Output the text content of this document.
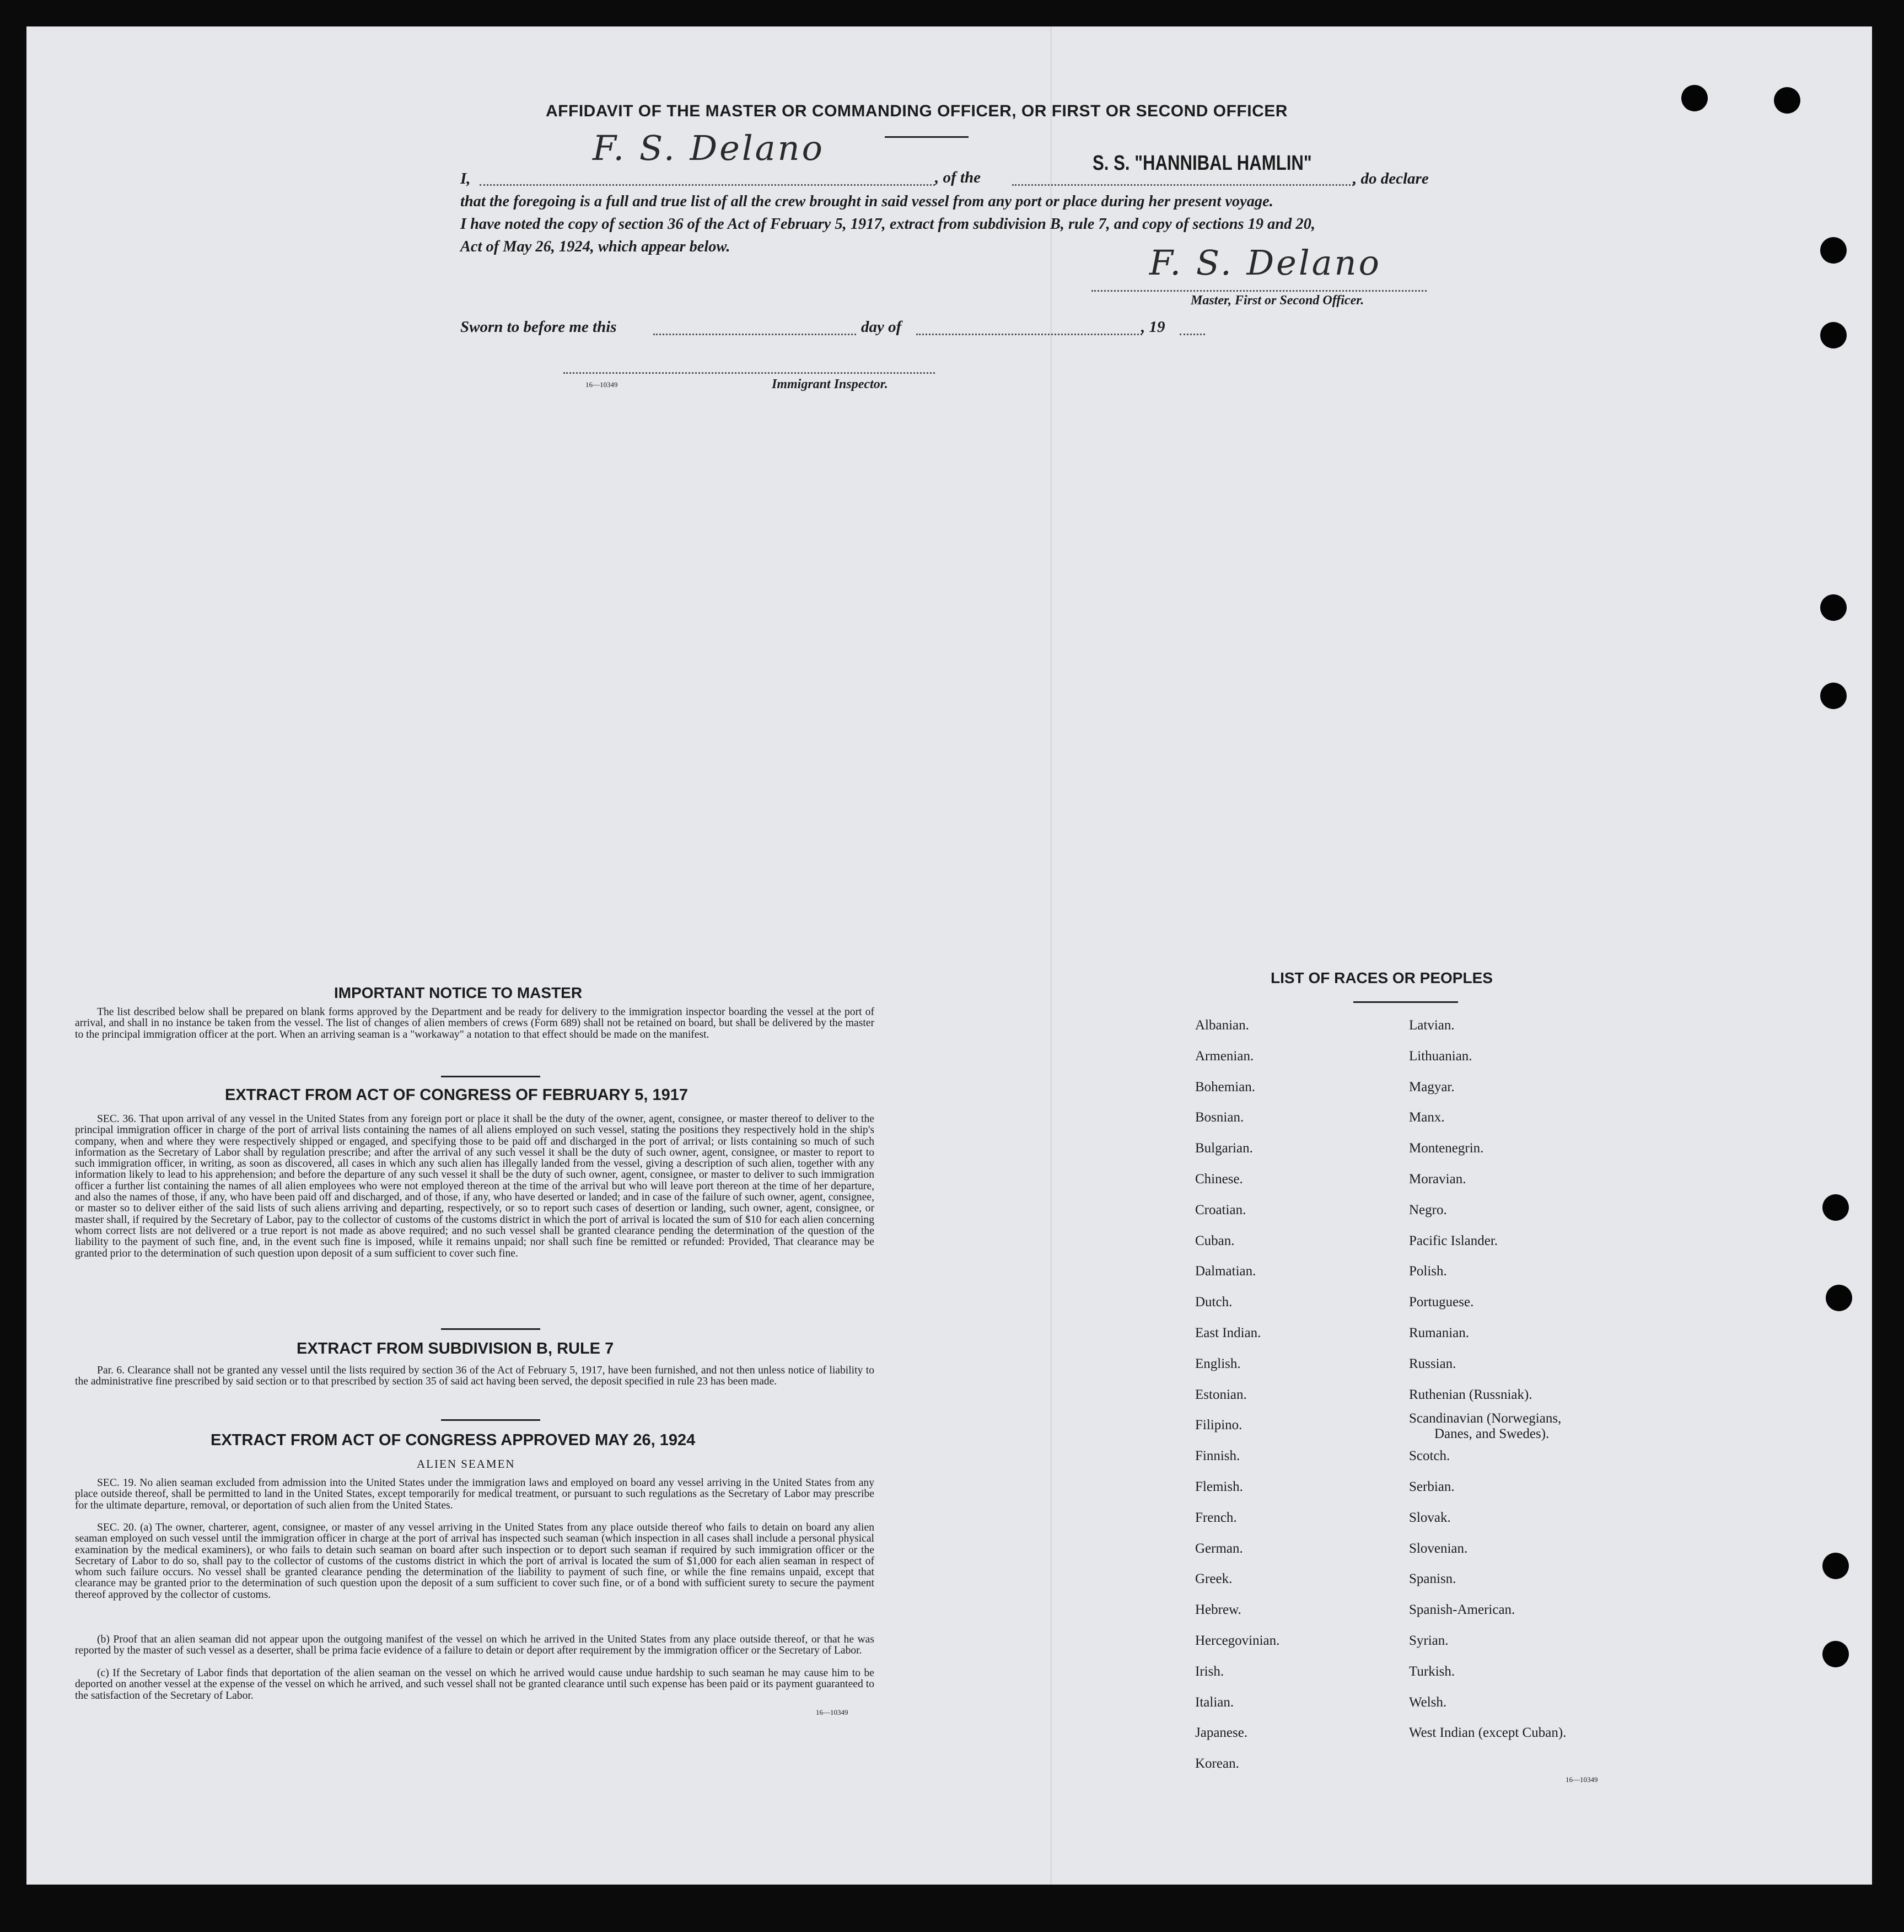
AFFIDAVIT OF THE MASTER OR COMMANDING OFFICER, OR FIRST OR SECOND OFFICER
I,
F. S. Delano
, of the
S. S. "HANNIBAL HAMLIN"
, do declare
that the foregoing is a full and true list of all the crew brought in said vessel from any port or place during her present voyage.
I have noted the copy of section 36 of the Act of February 5, 1917, extract from subdivision B, rule 7, and copy of sections 19 and 20,
Act of May 26, 1924, which appear below.	F. S. Delano
Master, First or Second Officer.
Sworn to before me this	day of	, 19
16—10349	Immigrant Inspector.
IMPORTANT NOTICE TO MASTER
The list described below shall be prepared on blank forms approved by the Department and be ready for delivery to the immigration inspector boarding the vessel at the port of arrival, and shall in no instance be taken from the vessel. The list of changes of alien members of crews (Form 689) shall not be retained on board, but shall be delivered by the master to the principal immigration officer at the port. When an arriving seaman is a "workaway" a notation to that effect should be made on the manifest.
EXTRACT FROM ACT OF CONGRESS OF FEBRUARY 5, 1917
SEC. 36. That upon arrival of any vessel in the United States from any foreign port or place it shall be the duty of the owner, agent, consignee, or master thereof to deliver to the principal immigration officer in charge of the port of arrival lists containing the names of all aliens employed on such vessel, stating the positions they respectively hold in the ship's company, when and where they were respectively shipped or engaged, and specifying those to be paid off and discharged in the port of arrival; or lists containing so much of such information as the Secretary of Labor shall by regulation prescribe; and after the arrival of any such vessel it shall be the duty of such owner, agent, consignee, or master to report to such immigration officer, in writing, as soon as discovered, all cases in which any such alien has illegally landed from the vessel, giving a description of such alien, together with any information likely to lead to his apprehension; and before the departure of any such vessel it shall be the duty of such owner, agent, consignee, or master to deliver to such immigration officer a further list containing the names of all alien employees who were not employed thereon at the time of the arrival but who will leave port thereon at the time of her departure, and also the names of those, if any, who have been paid off and discharged, and of those, if any, who have deserted or landed; and in case of the failure of such owner, agent, consignee, or master so to deliver either of the said lists of such aliens arriving and departing, respectively, or so to report such cases of desertion or landing, such owner, agent, consignee, or master shall, if required by the Secretary of Labor, pay to the collector of customs of the customs district in which the port of arrival is located the sum of $10 for each alien concerning whom correct lists are not delivered or a true report is not made as above required; and no such vessel shall be granted clearance pending the determination of the question of the liability to the payment of such fine, and, in the event such fine is imposed, while it remains unpaid; nor shall such fine be remitted or refunded: Provided, That clearance may be granted prior to the determination of such question upon deposit of a sum sufficient to cover such fine.
EXTRACT FROM SUBDIVISION B, RULE 7
Par. 6. Clearance shall not be granted any vessel until the lists required by section 36 of the Act of February 5, 1917, have been furnished, and not then unless notice of liability to the administrative fine prescribed by said section or to that prescribed by section 35 of said act having been served, the deposit specified in rule 23 has been made.
EXTRACT FROM ACT OF CONGRESS APPROVED MAY 26, 1924
ALIEN SEAMEN
SEC. 19. No alien seaman excluded from admission into the United States under the immigration laws and employed on board any vessel arriving in the United States from any place outside thereof, shall be permitted to land in the United States, except temporarily for medical treatment, or pursuant to such regulations as the Secretary of Labor may prescribe for the ultimate departure, removal, or deportation of such alien from the United States.
SEC. 20. (a) The owner, charterer, agent, consignee, or master of any vessel arriving in the United States from any place outside thereof who fails to detain on board any alien seaman employed on such vessel until the immigration officer in charge at the port of arrival has inspected such seaman (which inspection in all cases shall include a personal physical examination by the medical examiners), or who fails to detain such seaman on board after such inspection or to deport such seaman if required by such immigration officer or the Secretary of Labor to do so, shall pay to the collector of customs of the customs district in which the port of arrival is located the sum of $1,000 for each alien seaman in respect of whom such failure occurs. No vessel shall be granted clearance pending the determination of the liability to payment of such fine, or while the fine remains unpaid, except that clearance may be granted prior to the determination of such question upon the deposit of a sum sufficient to cover such fine, or of a bond with sufficient surety to secure the payment thereof approved by the collector of customs.
(b) Proof that an alien seaman did not appear upon the outgoing manifest of the vessel on which he arrived in the United States from any place outside thereof, or that he was reported by the master of such vessel as a deserter, shall be prima facie evidence of a failure to detain or deport after requirement by the immigration officer or the Secretary of Labor.
(c) If the Secretary of Labor finds that deportation of the alien seaman on the vessel on which he arrived would cause undue hardship to such seaman he may cause him to be deported on another vessel at the expense of the vessel on which he arrived, and such vessel shall not be granted clearance until such expense has been paid or its payment guaranteed to the satisfaction of the Secretary of Labor.
16—10349
LIST OF RACES OR PEOPLES
Albanian.
Armenian.
Bohemian.
Bosnian.
Bulgarian.
Chinese.
Croatian.
Cuban.
Dalmatian.
Dutch.
East Indian.
English.
Estonian.
Filipino.
Finnish.
Flemish.
French.
German.
Greek.
Hebrew.
Hercegovinian.
Irish.
Italian.
Japanese.
Korean.
Latvian.
Lithuanian.
Magyar.
Manx.
Montenegrin.
Moravian.
Negro.
Pacific Islander.
Polish.
Portuguese.
Rumanian.
Russian.
Ruthenian (Russniak).
Scandinavian (Norwegians,
Danes, and Swedes).
Scotch.
Serbian.
Slovak.
Slovenian.
Spanisn.
Spanish-American.
Syrian.
Turkish.
Welsh.
West Indian (except Cuban).
16—10349
